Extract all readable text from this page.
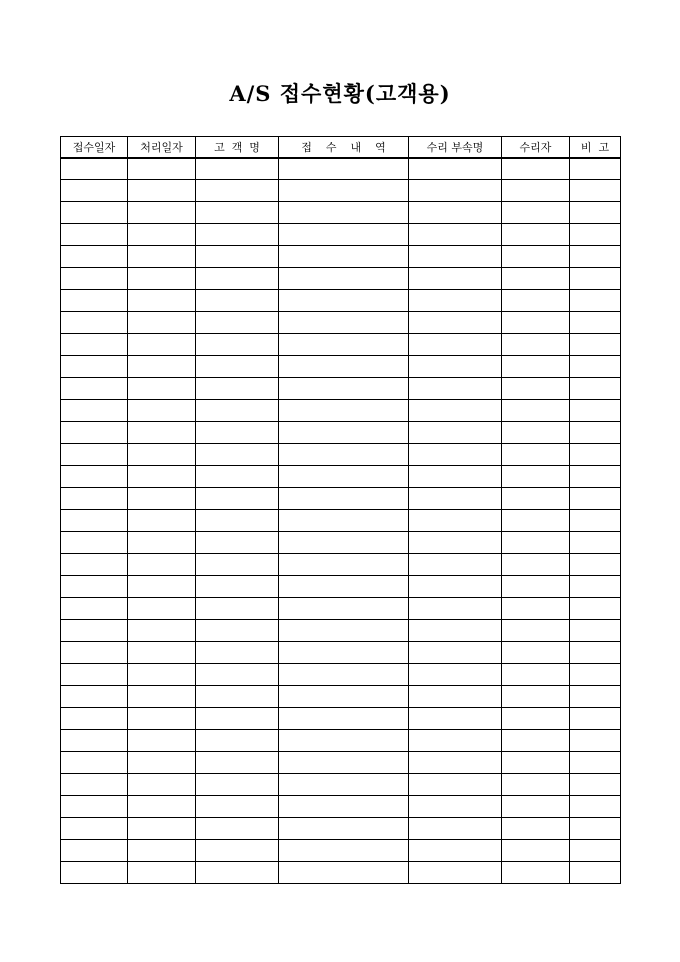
A/S 접수현황(고객용)
접수일자	처리일자	고  객  명	접    수    내    역	수리 부속명	수리자	비  고
